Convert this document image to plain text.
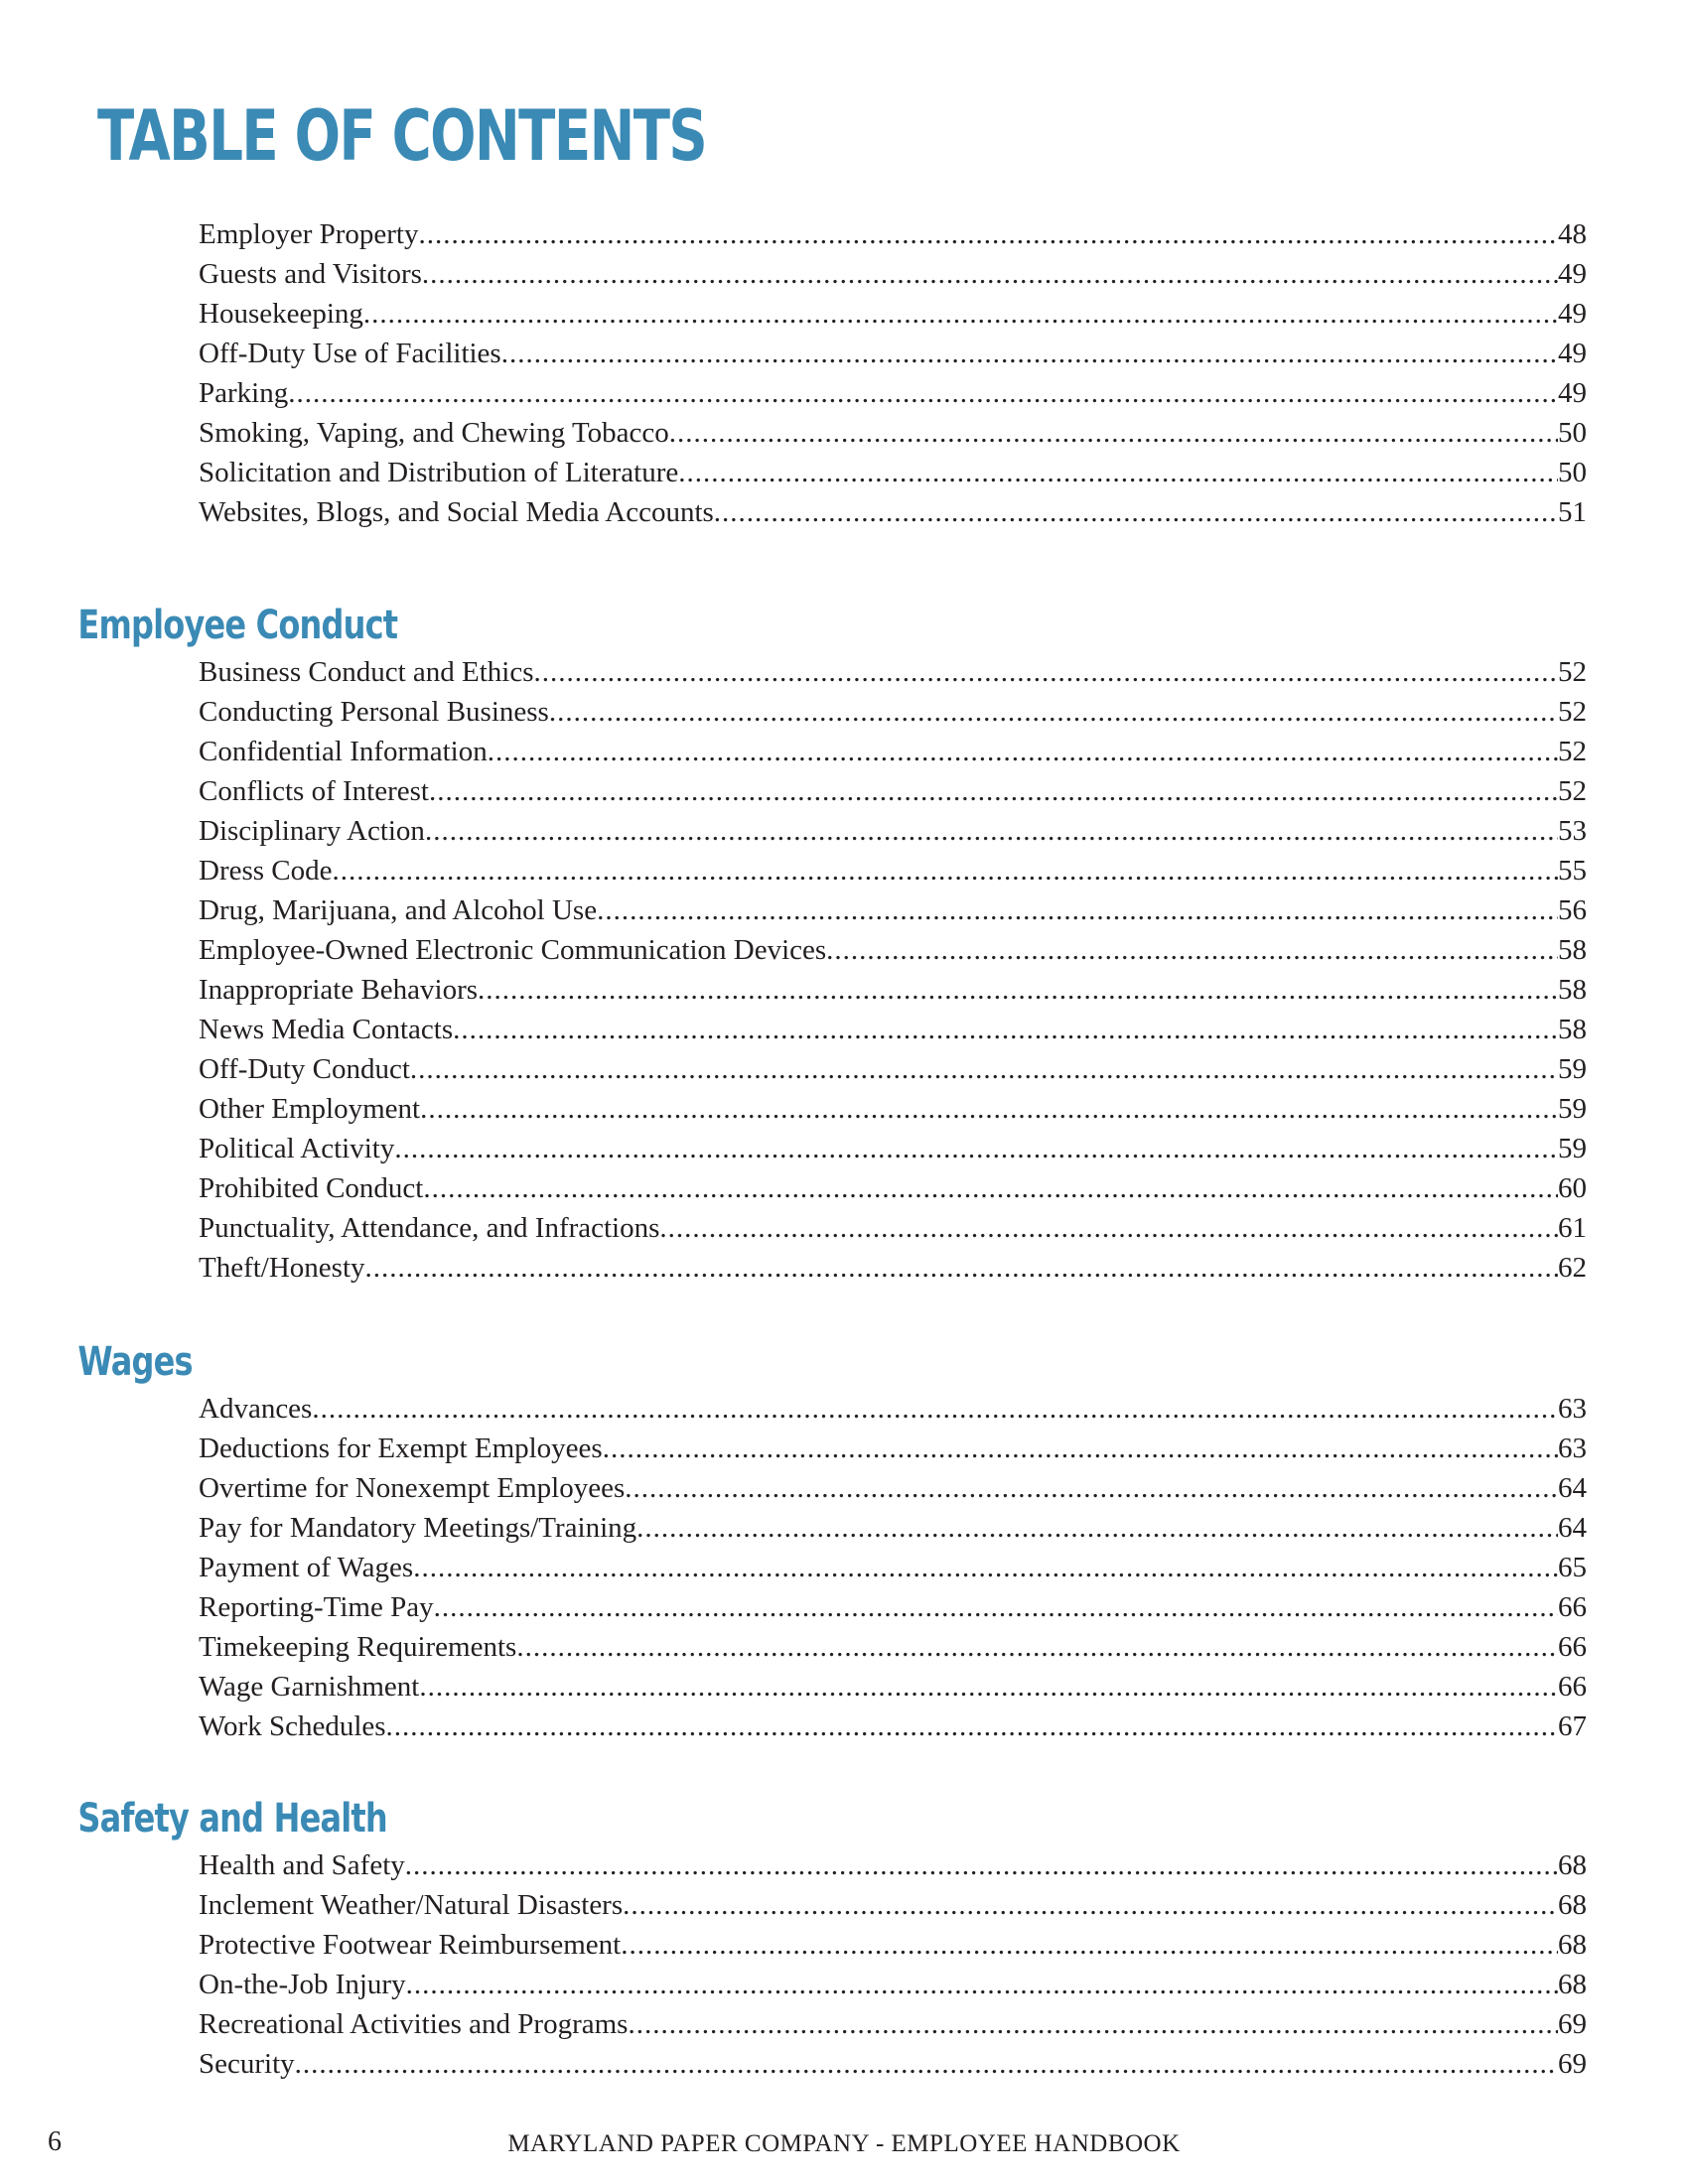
TABLE OF CONTENTS
Employer Property .....	48
Guests and Visitors .....	49
Housekeeping .....	49
Off-Duty Use of Facilities .....	49
Parking .....	49
Smoking, Vaping, and Chewing Tobacco .....	50
Solicitation and Distribution of Literature .....	50
Websites, Blogs, and Social Media Accounts .....	51
Employee Conduct
Business Conduct and Ethics .....	52
Conducting Personal Business .....	52
Confidential Information .....	52
Conflicts of Interest .....	52
Disciplinary Action .....	53
Dress Code .....	55
Drug, Marijuana, and Alcohol Use .....	56
Employee-Owned Electronic Communication Devices .....	58
Inappropriate Behaviors .....	58
News Media Contacts .....	58
Off-Duty Conduct .....	59
Other Employment .....	59
Political Activity .....	59
Prohibited Conduct .....	60
Punctuality, Attendance, and Infractions .....	61
Theft/Honesty .....	62
Wages
Advances .....	63
Deductions for Exempt Employees .....	63
Overtime for Nonexempt Employees .....	64
Pay for Mandatory Meetings/Training .....	64
Payment of Wages .....	65
Reporting-Time Pay .....	66
Timekeeping Requirements .....	66
Wage Garnishment .....	66
Work Schedules .....	67
Safety and Health
Health and Safety .....	68
Inclement Weather/Natural Disasters .....	68
Protective Footwear Reimbursement .....	68
On-the-Job Injury .....	68
Recreational Activities and Programs .....	69
Security .....	69
6	MARYLAND PAPER COMPANY - EMPLOYEE HANDBOOK
